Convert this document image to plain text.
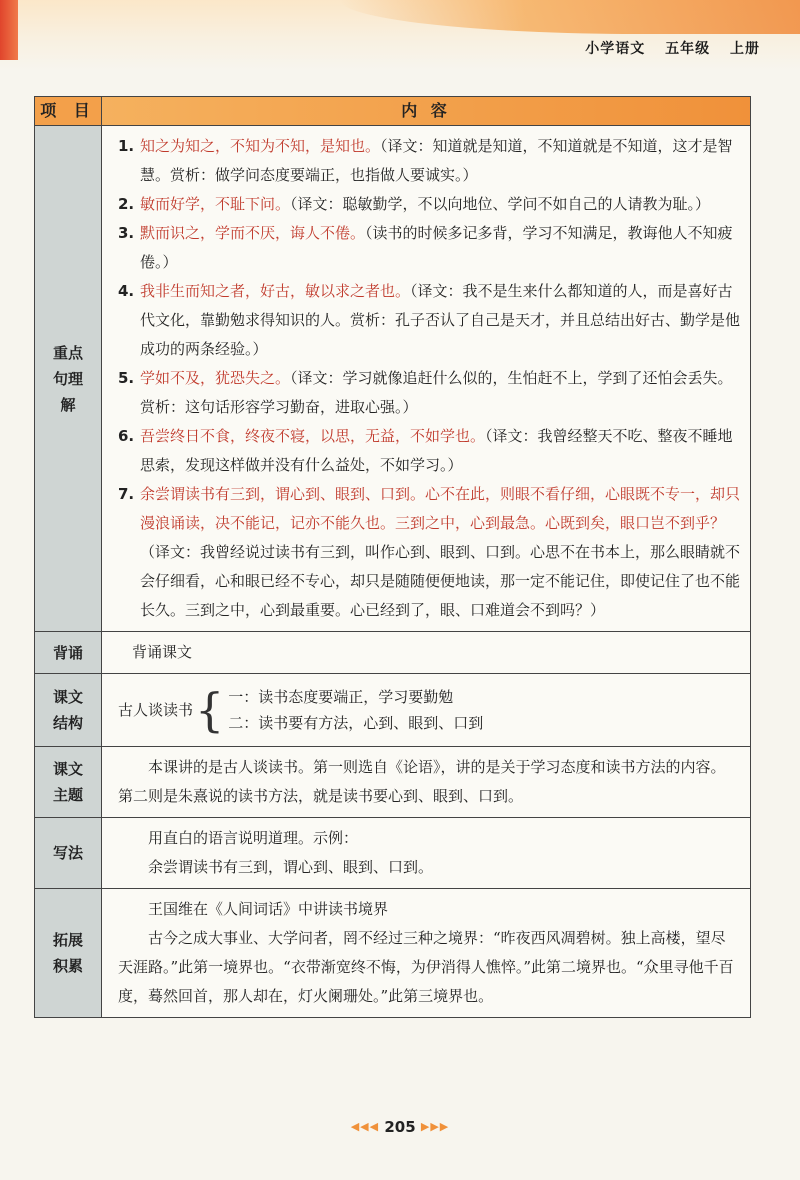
小学语文 五年级 上册
项 目	内 容
重点句理解
1. 知之为知之，不知为不知，是知也。（译文：知道就是知道，不知道就是不知道，这才是智慧。赏析：做学问态度要端正，也指做人要诚实。）
2. 敏而好学，不耻下问。（译文：聪敏勤学，不以向地位、学问不如自己的人请教为耻。）
3. 默而识之，学而不厌，诲人不倦。（读书的时候多记多背，学习不知满足，教诲他人不知疲倦。）
4. 我非生而知之者，好古，敏以求之者也。（译文：我不是生来什么都知道的人，而是喜好古代文化，靠勤勉求得知识的人。赏析：孔子否认了自己是天才，并且总结出好古、勤学是他成功的两条经验。）
5. 学如不及，犹恐失之。（译文：学习就像追赶什么似的，生怕赶不上，学到了还怕会丢失。赏析：这句话形容学习勤奋，进取心强。）
6. 吾尝终日不食，终夜不寝，以思，无益，不如学也。（译文：我曾经整天不吃、整夜不睡地思索，发现这样做并没有什么益处，不如学习。）
7. 余尝谓读书有三到，谓心到、眼到、口到。心不在此，则眼不看仔细，心眼既不专一，却只漫浪诵读，决不能记，记亦不能久也。三到之中，心到最急。心既到矣，眼口岂不到乎？（译文：我曾经说过读书有三到，叫作心到、眼到、口到。心思不在书本上，那么眼睛就不会仔细看，心和眼已经不专心，却只是随随便便地读，那一定不能记住，即使记住了也不能长久。三到之中，心到最重要。心已经到了，眼、口难道会不到吗？）
背诵	背诵课文
课文结构
古人谈读书 { 一：读书态度要端正，学习要勤勉
二：读书要有方法，心到、眼到、口到
课文主题
本课讲的是古人谈读书。第一则选自《论语》，讲的是关于学习态度和读书方法的内容。第二则是朱熹说的读书方法，就是读书要心到、眼到、口到。
写法
用直白的语言说明道理。示例：
余尝谓读书有三到，谓心到、眼到、口到。
拓展积累
王国维在《人间词话》中讲读书境界
古今之成大事业、大学问者，罔不经过三种之境界：“昨夜西风凋碧树。独上高楼，望尽天涯路。”此第一境界也。“衣带渐宽终不悔，为伊消得人憔悴。”此第二境界也。“众里寻他千百度，蓦然回首，那人却在，灯火阑珊处。”此第三境界也。
◀◀◀ 205 ▶▶▶
